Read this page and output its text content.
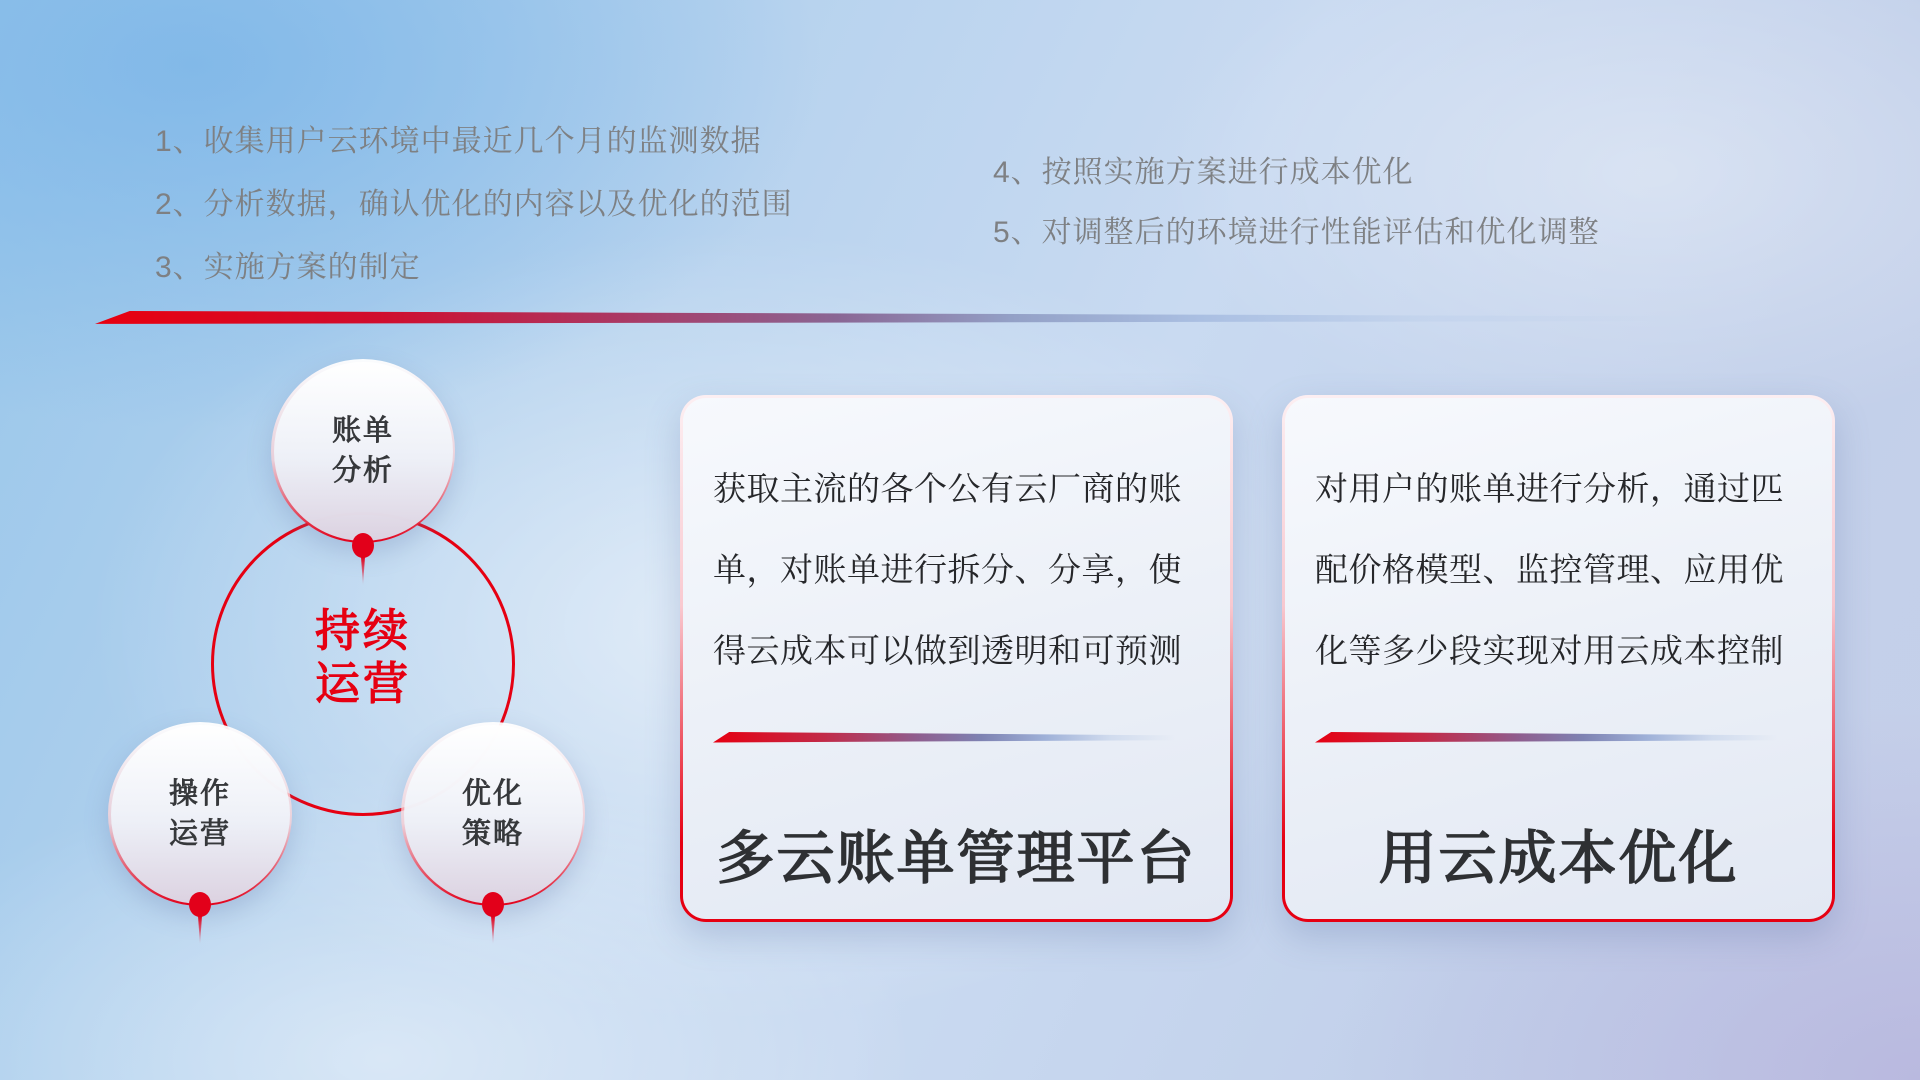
1、收集用户云环境中最近几个月的监测数据
2、分析数据，确认优化的内容以及优化的范围
3、实施方案的制定
4、按照实施方案进行成本优化
5、对调整后的环境进行性能评估和优化调整
持续
运营
账单
分析
操作
运营
优化
策略
获取主流的各个公有云厂商的账单，对账单进行拆分、分享，使得云成本可以做到透明和可预测
多云账单管理平台
对用户的账单进行分析，通过匹配价格模型、监控管理、应用优化等多少段实现对用云成本控制
用云成本优化
